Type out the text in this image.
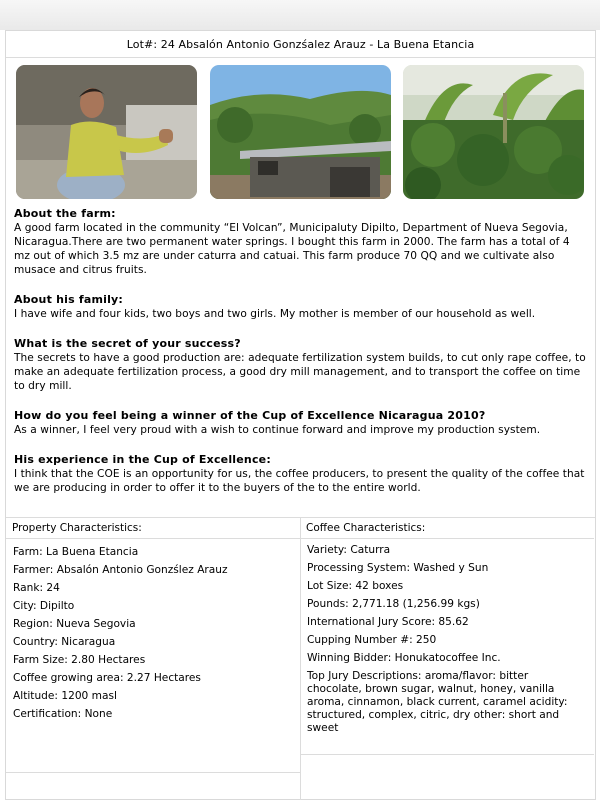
Lot#: 24 Absalón Antonio Gonzśalez Arauz - La Buena Etancia

About the farm:

A good farm located in the community “El Volcan”, Municipaluty Dipilto, Department of Nueva Segovia, Nicaragua.There are two permanent water springs. I bought this farm in 2000. The farm has a total of 4 mz out of which 3.5 mz are under caturra and catuai. This farm produce 70 QQ and we cultivate also musace and citrus fruits.

About his family:

I have wife and four kids, two boys and two girls. My mother is member of our household as well.

What is the secret of your success?

The secrets to have a good production are: adequate fertilization system builds, to cut only rape coffee, to make an adequate fertilization process, a good dry mill management, and to transport the coffee on time to dry mill.

How do you feel being a winner of the Cup of Excellence Nicaragua 2010?

As a winner, I feel very proud with a wish to continue forward and improve my production system.

His experience in the Cup of Excellence:

I think that the COE is an opportunity for us, the coffee producers, to present the quality of the coffee that we are producing in order to offer it to the buyers of the to the entire world.

Property Characteristics:
Farm: La Buena Etancia
Farmer: Absalón Antonio Gonzślez Arauz
Rank: 24
City: Dipilto
Region: Nueva Segovia
Country: Nicaragua
Farm Size: 2.80 Hectares
Coffee growing area: 2.27 Hectares
Altitude: 1200 masl
Certification: None
Coffee Characteristics:
Variety: Caturra
Processing System: Washed y Sun
Lot Size: 42 boxes
Pounds: 2,771.18 (1,256.99 kgs)
International Jury Score: 85.62
Cupping Number #: 250
Winning Bidder: Honukatocoffee Inc.
Top Jury Descriptions: aroma/flavor: bitter chocolate, brown sugar, walnut, honey, vanilla aroma, cinnamon, black current, caramel acidity: structured, complex, citric, dry other: short and sweet
